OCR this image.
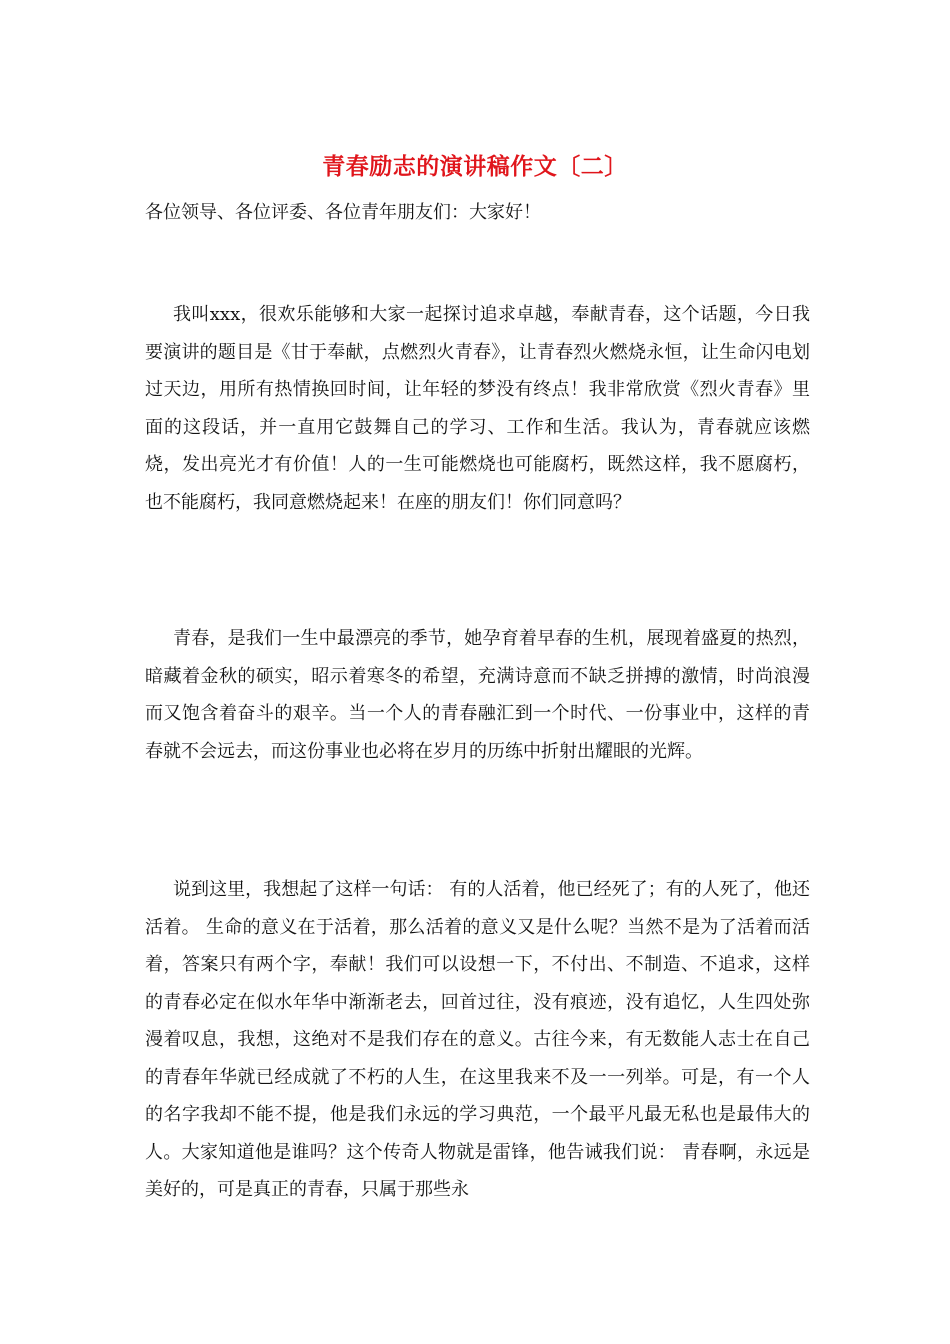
青春励志的演讲稿作文〔二〕
各位领导、各位评委、各位青年朋友们：大家好！
我叫xxx，很欢乐能够和大家一起探讨追求卓越，奉献青春，这个话题，今日我要演讲的题目是《甘于奉献，点燃烈火青春》，让青春烈火燃烧永恒，让生命闪电划过天边，用所有热情换回时间，让年轻的梦没有终点！我非常欣赏《烈火青春》里面的这段话，并一直用它鼓舞自己的学习、工作和生活。我认为，青春就应该燃烧，发出亮光才有价值！人的一生可能燃烧也可能腐朽，既然这样，我不愿腐朽，也不能腐朽，我同意燃烧起来！在座的朋友们！你们同意吗？
青春，是我们一生中最漂亮的季节，她孕育着早春的生机，展现着盛夏的热烈，暗藏着金秋的硕实，昭示着寒冬的希望，充满诗意而不缺乏拼搏的激情，时尚浪漫而又饱含着奋斗的艰辛。当一个人的青春融汇到一个时代、一份事业中，这样的青春就不会远去，而这份事业也必将在岁月的历练中折射出耀眼的光辉。
说到这里，我想起了这样一句话： 有的人活着，他已经死了；有的人死了，他还活着。 生命的意义在于活着，那么活着的意义又是什么呢？当然不是为了活着而活着，答案只有两个字，奉献！我们可以设想一下，不付出、不制造、不追求，这样的青春必定在似水年华中渐渐老去，回首过往，没有痕迹，没有追忆，人生四处弥漫着叹息，我想，这绝对不是我们存在的意义。古往今来，有无数能人志士在自己的青春年华就已经成就了不朽的人生，在这里我来不及一一列举。可是，有一个人的名字我却不能不提，他是我们永远的学习典范，一个最平凡最无私也是最伟大的人。大家知道他是谁吗？这个传奇人物就是雷锋，他告诫我们说： 青春啊，永远是美好的，可是真正的青春，只属于那些永
